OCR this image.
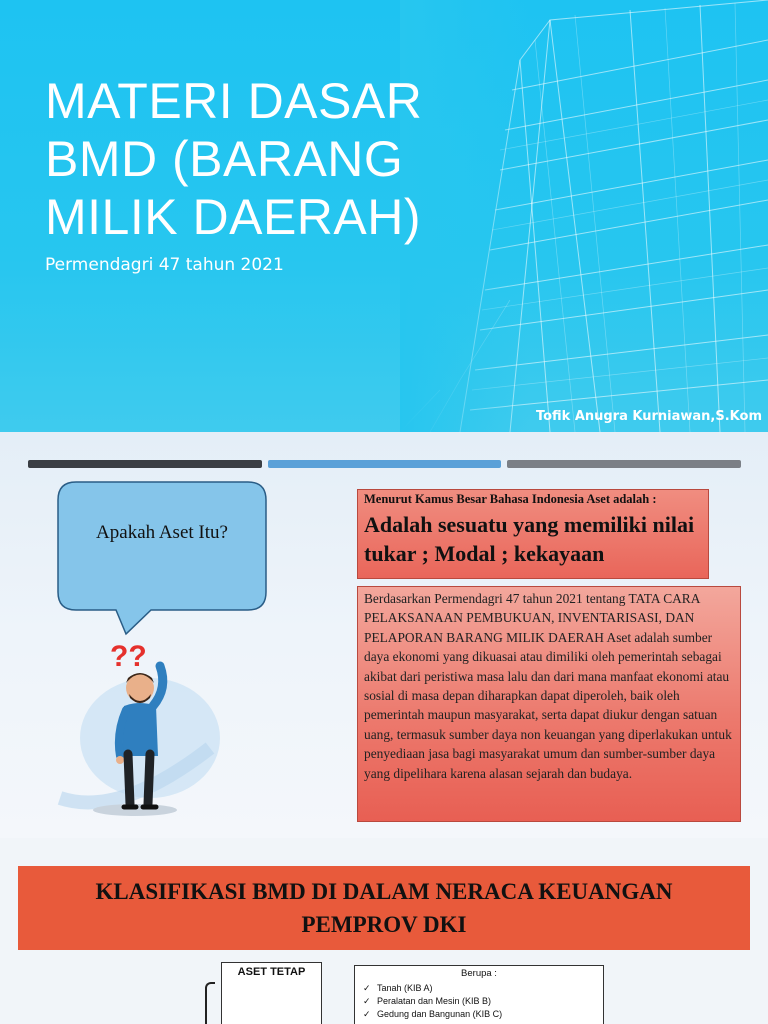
MATERI DASAR
BMD (BARANG
MILIK DAERAH)
Permendagri 47 tahun 2021
Tofik Anugra Kurniawan,S.Kom
Apakah Aset Itu?
??
Menurut Kamus Besar Bahasa Indonesia Aset adalah :
Adalah sesuatu yang memiliki nilai tukar ; Modal ; kekayaan
Berdasarkan Permendagri 47 tahun 2021 tentang TATA CARA PELAKSANAAN PEMBUKUAN, INVENTARISASI, DAN PELAPORAN BARANG MILIK DAERAH Aset adalah sumber daya ekonomi yang dikuasai atau dimiliki oleh pemerintah sebagai akibat dari peristiwa masa lalu dan dari mana manfaat ekonomi atau sosial di masa depan diharapkan dapat diperoleh, baik oleh pemerintah maupun masyarakat, serta dapat diukur dengan satuan uang, termasuk sumber daya non keuangan yang diperlakukan untuk penyediaan jasa bagi masyarakat umum dan sumber-sumber daya yang dipelihara karena alasan sejarah dan budaya.
KLASIFIKASI BMD DI DALAM NERACA KEUANGAN PEMPROV DKI
ASET TETAP	Berupa :
✓ Tanah (KIB A)
✓ Peralatan dan Mesin (KIB B)
✓ Gedung dan Bangunan (KIB C)
